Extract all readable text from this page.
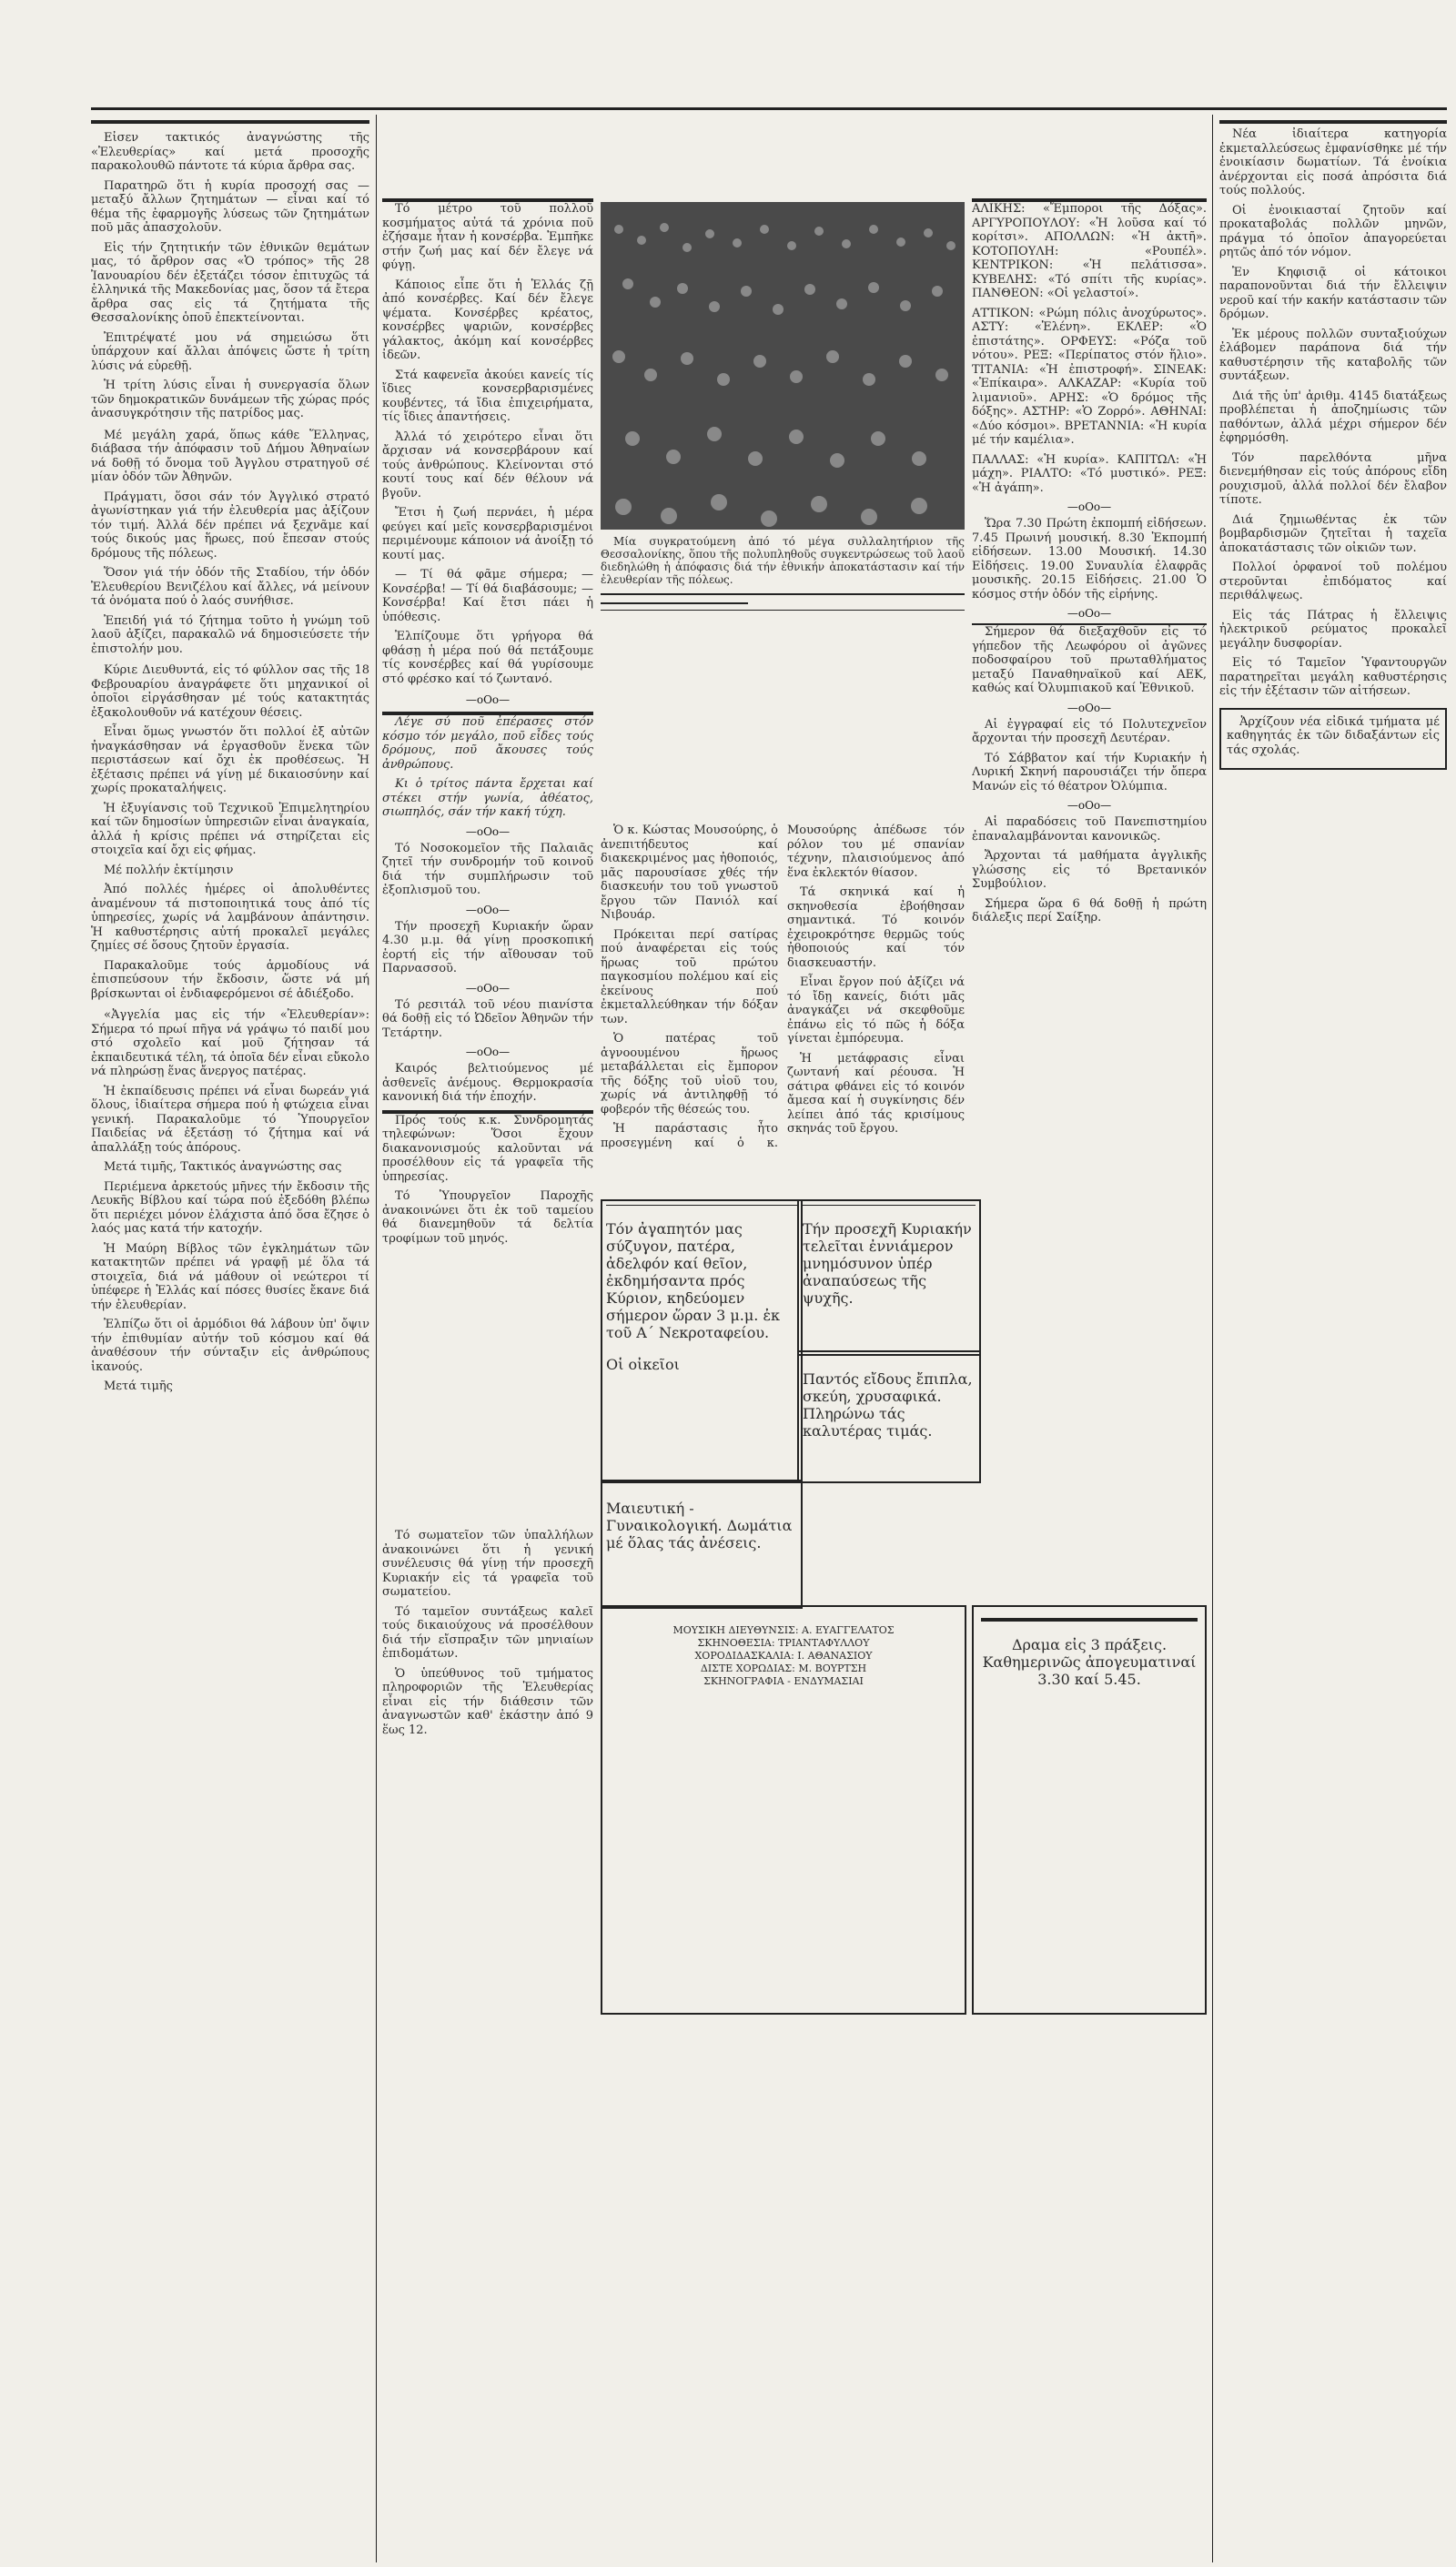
Εἰσεν τακτικός ἀναγνώστης τῆς «Ἐλευθερίας» καί μετά προσοχῆς παρακολουθῶ πάντοτε τά κύρια ἄρθρα σας.

Παρατηρῶ ὅτι ἡ κυρία προσοχή σας — μεταξύ ἄλλων ζητημάτων — εἶναι καί τό θέμα τῆς ἐφαρμογῆς λύσεως τῶν ζητημάτων ποῦ μᾶς ἀπασχολοῦν.

Εἰς τήν ζητητικήν τῶν ἐθνικῶν θεμάτων μας, τό ἄρθρον σας «Ὁ τρόπος» τῆς 28 Ἰανουαρίου δέν ἐξετάζει τόσον ἐπιτυχῶς τά ἑλληνικά τῆς Μακεδονίας μας, ὅσον τά ἔτερα ἄρθρα σας εἰς τά ζητήματα τῆς Θεσσαλονίκης ὁποῦ ἐπεκτείνονται.

Ἐπιτρέψατέ μου νά σημειώσω ὅτι ὑπάρχουν καί ἄλλαι ἀπόψεις ὥστε ἡ τρίτη λύσις νά εὑρεθῇ.

Ἡ τρίτη λύσις εἶναι ἡ συνεργασία ὅλων τῶν δημοκρατικῶν δυνάμεων τῆς χώρας πρός ἀνασυγκρότησιν τῆς πατρίδος μας.

Μέ μεγάλη χαρά, ὅπως κάθε Ἕλληνας, διάβασα τήν ἀπόφασιν τοῦ Δήμου Ἀθηναίων νά δοθῇ τό ὄνομα τοῦ Ἀγγλου στρατηγοῦ σέ μίαν ὁδόν τῶν Ἀθηνῶν.

Πράγματι, ὅσοι σάν τόν Ἀγγλικό στρατό ἀγωνίστηκαν γιά τήν ἐλευθερία μας ἀξίζουν τόν τιμή. Ἀλλά δέν πρέπει νά ξεχνᾶμε καί τούς δικούς μας ἥρωες, πού ἔπεσαν στούς δρόμους τῆς πόλεως.

Ὅσον γιά τήν ὁδόν τῆς Σταδίου, τήν ὁδόν Ἐλευθερίου Βενιζέλου καί ἄλλες, νά μείνουν τά ὀνόματα πού ὁ λαός συνήθισε.

Ἐπειδή γιά τό ζήτημα τοῦτο ἡ γνώμη τοῦ λαοῦ ἀξίζει, παρακαλῶ νά δημοσιεύσετε τήν ἐπιστολήν μου.

Κύριε Διευθυντά, εἰς τό φύλλον σας τῆς 18 Φεβρουαρίου ἀναγράφετε ὅτι μηχανικοί οἱ ὁποῖοι εἰργάσθησαν μέ τούς κατακτητάς ἐξακολουθοῦν νά κατέχουν θέσεις.

Εἶναι ὅμως γνωστόν ὅτι πολλοί ἐξ αὐτῶν ἠναγκάσθησαν νά ἐργασθοῦν ἕνεκα τῶν περιστάσεων καί ὄχι ἐκ προθέσεως. Ἡ ἐξέτασις πρέπει νά γίνῃ μέ δικαιοσύνην καί χωρίς προκαταλήψεις.

Ἡ ἐξυγίανσις τοῦ Τεχνικοῦ Ἐπιμελητηρίου καί τῶν δημοσίων ὑπηρεσιῶν εἶναι ἀναγκαία, ἀλλά ἡ κρίσις πρέπει νά στηρίζεται εἰς στοιχεῖα καί ὄχι εἰς φήμας.

Μέ πολλήν ἐκτίμησιν

Ἀπό πολλές ἡμέρες οἱ ἀπολυθέντες ἀναμένουν τά πιστοποιητικά τους ἀπό τίς ὑπηρεσίες, χωρίς νά λαμβάνουν ἀπάντησιν. Ἡ καθυστέρησις αὐτή προκαλεῖ μεγάλες ζημίες σέ ὅσους ζητοῦν ἐργασία.

Παρακαλοῦμε τούς ἁρμοδίους νά ἐπισπεύσουν τήν ἔκδοσιν, ὥστε νά μή βρίσκωνται οἱ ἐνδιαφερόμενοι σέ ἀδιέξοδο.

«Ἀγγελία μας εἰς τήν «Ἐλευθερίαν»: Σήμερα τό πρωί πῆγα νά γράψω τό παιδί μου στό σχολεῖο καί μοῦ ζήτησαν τά ἐκπαιδευτικά τέλη, τά ὁποῖα δέν εἶναι εὔκολο νά πληρώσῃ ἕνας ἄνεργος πατέρας.

Ἡ ἐκπαίδευσις πρέπει νά εἶναι δωρεάν γιά ὅλους, ἰδιαίτερα σήμερα πού ἡ φτώχεια εἶναι γενική. Παρακαλοῦμε τό Ὑπουργεῖον Παιδείας νά ἐξετάσῃ τό ζήτημα καί νά ἀπαλλάξῃ τούς ἀπόρους.

Μετά τιμῆς, Τακτικός ἀναγνώστης σας

Περιέμενα ἀρκετούς μῆνες τήν ἔκδοσιν τῆς Λευκῆς Βίβλου καί τώρα πού ἐξεδόθη βλέπω ὅτι περιέχει μόνον ἐλάχιστα ἀπό ὅσα ἔζησε ὁ λαός μας κατά τήν κατοχήν.

Ἡ Μαύρη Βίβλος τῶν ἐγκλημάτων τῶν κατακτητῶν πρέπει νά γραφῇ μέ ὅλα τά στοιχεῖα, διά νά μάθουν οἱ νεώτεροι τί ὑπέφερε ἡ Ἑλλάς καί πόσες θυσίες ἔκανε διά τήν ἐλευθερίαν.

Ἐλπίζω ὅτι οἱ ἁρμόδιοι θά λάβουν ὑπ' ὄψιν τήν ἐπιθυμίαν αὐτήν τοῦ κόσμου καί θά ἀναθέσουν τήν σύνταξιν εἰς ἀνθρώπους ἱκανούς.

Μετά τιμῆς

Τό μέτρο τοῦ πολλοῦ κοσμήματος αὐτά τά χρόνια ποῦ ἐζήσαμε ἦταν ἡ κονσέρβα. Ἐμπῆκε στήν ζωή μας καί δέν ἔλεγε νά φύγῃ.

Κάποιος εἶπε ὅτι ἡ Ἑλλάς ζῇ ἀπό κονσέρβες. Καί δέν ἔλεγε ψέματα. Κονσέρβες κρέατος, κονσέρβες ψαριῶν, κονσέρβες γάλακτος, ἀκόμη καί κονσέρβες ἰδεῶν.

Στά καφενεῖα ἀκούει κανείς τίς ἴδιες κονσερβαρισμένες κουβέντες, τά ἴδια ἐπιχειρήματα, τίς ἴδιες ἀπαντήσεις.

Ἀλλά τό χειρότερο εἶναι ὅτι ἄρχισαν νά κονσερβάρουν καί τούς ἀνθρώπους. Κλείνονται στό κουτί τους καί δέν θέλουν νά βγοῦν.

Ἔτσι ἡ ζωή περνάει, ἡ μέρα φεύγει καί μεῖς κονσερβαρισμένοι περιμένουμε κάποιον νά ἀνοίξῃ τό κουτί μας.

— Τί θά φᾶμε σήμερα; — Κονσέρβα! — Τί θά διαβάσουμε; — Κονσέρβα! Καί ἔτσι πάει ἡ ὑπόθεσις.

Ἐλπίζουμε ὅτι γρήγορα θά φθάσῃ ἡ μέρα πού θά πετάξουμε τίς κονσέρβες καί θά γυρίσουμε στό φρέσκο καί τό ζωντανό.

—οΟο—

Λέγε σύ ποῦ ἐπέρασες στόν κόσμο τόν μεγάλο, ποῦ εἶδες τούς δρόμους, ποῦ ἄκουσες τούς ἀνθρώπους.

Κι ὁ τρίτος πάντα ἔρχεται καί στέκει στήν γωνία, ἀθέατος, σιωπηλός, σάν τήν κακή τύχη.

—οΟο—

Τό Νοσοκομεῖον τῆς Παλαιᾶς ζητεῖ τήν συνδρομήν τοῦ κοινοῦ διά τήν συμπλήρωσιν τοῦ ἐξοπλισμοῦ του.

—οΟο—

Τήν προσεχῆ Κυριακήν ὥραν 4.30 μ.μ. θά γίνῃ προσκοπική ἑορτή εἰς τήν αἴθουσαν τοῦ Παρνασσοῦ.

—οΟο—

Τό ρεσιτάλ τοῦ νέου πιανίστα θά δοθῇ εἰς τό Ὠδεῖον Ἀθηνῶν τήν Τετάρτην.

—οΟο—

Καιρός βελτιούμενος μέ ἀσθενεῖς ἀνέμους. Θερμοκρασία κανονική διά τήν ἐποχήν.

Πρός τούς κ.κ. Συνδρομητάς τηλεφώνων: Ὅσοι ἔχουν διακανονισμούς καλοῦνται νά προσέλθουν εἰς τά γραφεῖα τῆς ὑπηρεσίας.

Τό Ὑπουργεῖον Παροχῆς ἀνακοινώνει ὅτι ἐκ τοῦ ταμείου θά διανεμηθοῦν τά δελτία τροφίμων τοῦ μηνός.

Μία συγκρατούμενη ἀπό τό μέγα συλλαλητήριον τῆς Θεσσαλονίκης, ὅπου τῆς πολυπληθοῦς συγκεντρώσεως τοῦ λαοῦ διεδηλώθη ἡ ἀπόφασις διά τήν ἐθνικήν ἀποκατάστασιν καί τήν ἐλευθερίαν τῆς πόλεως.

Ὁ κ. Κώστας Μουσούρης, ὁ ἀνεπιτήδευτος καί διακεκριμένος μας ἠθοποιός, μᾶς παρουσίασε χθές τήν διασκευήν του τοῦ γνωστοῦ ἔργου τῶν Πανιόλ καί Νιβουάρ.

Πρόκειται περί σατίρας πού ἀναφέρεται εἰς τούς ἥρωας τοῦ πρώτου παγκοσμίου πολέμου καί εἰς ἐκείνους πού ἐκμεταλλεύθηκαν τήν δόξαν των.

Ὁ πατέρας τοῦ ἀγνοουμένου ἥρωος μεταβάλλεται εἰς ἔμπορον τῆς δόξης τοῦ υἱοῦ του, χωρίς νά ἀντιληφθῇ τό φοβερόν τῆς θέσεώς του.

Ἡ παράστασις ἦτο προσεγμένη καί ὁ κ. Μουσούρης ἀπέδωσε τόν ρόλον του μέ σπανίαν τέχνην, πλαισιούμενος ἀπό ἕνα ἐκλεκτόν θίασον.

Τά σκηνικά καί ἡ σκηνοθεσία ἐβοήθησαν σημαντικά. Τό κοινόν ἐχειροκρότησε θερμῶς τούς ἠθοποιούς καί τόν διασκευαστήν.

Εἶναι ἔργον πού ἀξίζει νά τό ἴδῃ κανείς, διότι μᾶς ἀναγκάζει νά σκεφθοῦμε ἐπάνω εἰς τό πῶς ἡ δόξα γίνεται ἐμπόρευμα.

Ἡ μετάφρασις εἶναι ζωντανή καί ρέουσα. Ἡ σάτιρα φθάνει εἰς τό κοινόν ἄμεσα καί ἡ συγκίνησις δέν λείπει ἀπό τάς κρισίμους σκηνάς τοῦ ἔργου.

ΑΛΙΚΗΣ: «Ἔμποροι τῆς Δόξας». ΑΡΓΥΡΟΠΟΥΛΟΥ: «Ἡ λοῦσα καί τό κορίτσι». ΑΠΟΛΛΩΝ: «Ἡ ἀκτῆ». ΚΟΤΟΠΟΥΛΗ: «Ρουπέλ». ΚΕΝΤΡΙΚΟΝ: «Ἡ πελάτισσα». ΚΥΒΕΛΗΣ: «Τό σπίτι τῆς κυρίας». ΠΑΝΘΕΟΝ: «Οἱ γελαστοί».

ΑΤΤΙΚΟΝ: «Ρώμη πόλις ἀνοχύρωτος». ΑΣΤΥ: «Ἑλένη». ΕΚΛΕΡ: «Ὁ ἐπιστάτης». ΟΡΦΕΥΣ: «Ρόζα τοῦ νότου». ΡΕΞ: «Περίπατος στόν ἥλιο». ΤΙΤΑΝΙΑ: «Ἡ ἐπιστροφή». ΣΙΝΕΑΚ: «Ἐπίκαιρα». ΑΛΚΑΖΑΡ: «Κυρία τοῦ λιμανιοῦ». ΑΡΗΣ: «Ὁ δρόμος τῆς δόξης». ΑΣΤΗΡ: «Ὁ Ζορρό». ΑΘΗΝΑΙ: «Δύο κόσμοι». ΒΡΕΤΑΝΝΙΑ: «Ἡ κυρία μέ τήν καμέλια».

ΠΑΛΛΑΣ: «Ἡ κυρία». ΚΑΠΙΤΩΛ: «Ἡ μάχη». ΡΙΑΛΤΟ: «Τό μυστικό». ΡΕΞ: «Ἡ ἀγάπη».

—οΟο—

Ὥρα 7.30 Πρώτη ἐκπομπή εἰδήσεων. 7.45 Πρωινή μουσική. 8.30 Ἐκπομπή εἰδήσεων. 13.00 Μουσική. 14.30 Εἰδήσεις. 19.00 Συναυλία ἐλαφρᾶς μουσικῆς. 20.15 Εἰδήσεις. 21.00 Ὁ κόσμος στήν ὁδόν τῆς εἰρήνης.

—οΟο—

Σήμερον θά διεξαχθοῦν εἰς τό γήπεδον τῆς Λεωφόρου οἱ ἀγῶνες ποδοσφαίρου τοῦ πρωταθλήματος μεταξύ Παναθηναϊκοῦ καί ΑΕΚ, καθώς καί Ὀλυμπιακοῦ καί Ἐθνικοῦ.

—οΟο—

Αἱ ἐγγραφαί εἰς τό Πολυτεχνεῖον ἄρχονται τήν προσεχῆ Δευτέραν.

Τό Σάββατον καί τήν Κυριακήν ἡ Λυρική Σκηνή παρουσιάζει τήν ὄπερα Μανών εἰς τό θέατρον Ὀλύμπια.

—οΟο—

Αἱ παραδόσεις τοῦ Πανεπιστημίου ἐπαναλαμβάνονται κανονικῶς.

Ἄρχονται τά μαθήματα ἀγγλικῆς γλώσσης εἰς τό Βρετανικόν Συμβούλιον.

Σήμερα ὥρα 6 θά δοθῇ ἡ πρώτη διάλεξις περί Σαίξηρ.

Νέα ἰδιαίτερα κατηγορία ἐκμεταλλεύσεως ἐμφανίσθηκε μέ τήν ἐνοικίασιν δωματίων. Τά ἐνοίκια ἀνέρχονται εἰς ποσά ἀπρόσιτα διά τούς πολλούς.

Οἱ ἐνοικιασταί ζητοῦν καί προκαταβολάς πολλῶν μηνῶν, πράγμα τό ὁποῖον ἀπαγορεύεται ρητῶς ἀπό τόν νόμον.

Ἐν Κηφισιᾷ οἱ κάτοικοι παραπονοῦνται διά τήν ἔλλειψιν νεροῦ καί τήν κακήν κατάστασιν τῶν δρόμων.

Ἐκ μέρους πολλῶν συνταξιούχων ἐλάβομεν παράπονα διά τήν καθυστέρησιν τῆς καταβολῆς τῶν συντάξεων.

Διά τῆς ὑπ' ἀριθμ. 4145 διατάξεως προβλέπεται ἡ ἀποζημίωσις τῶν παθόντων, ἀλλά μέχρι σήμερον δέν ἐφηρμόσθη.

Τόν παρελθόντα μῆνα διενεμήθησαν εἰς τούς ἀπόρους εἴδη ρουχισμοῦ, ἀλλά πολλοί δέν ἔλαβον τίποτε.

Διά ζημιωθέντας ἐκ τῶν βομβαρδισμῶν ζητεῖται ἡ ταχεῖα ἀποκατάστασις τῶν οἰκιῶν των.

Πολλοί ὀρφανοί τοῦ πολέμου στεροῦνται ἐπιδόματος καί περιθάλψεως.

Εἰς τάς Πάτρας ἡ ἔλλειψις ἠλεκτρικοῦ ρεύματος προκαλεῖ μεγάλην δυσφορίαν.

Εἰς τό Ταμεῖον Ὑφαντουργῶν παρατηρεῖται μεγάλη καθυστέρησις εἰς τήν ἐξέτασιν τῶν αἰτήσεων.

Ἀρχίζουν νέα εἰδικά τμήματα μέ καθηγητάς ἐκ τῶν διδαξάντων εἰς τάς σχολάς.

Τόν ἀγαπητόν μας σύζυγον, πατέρα, ἀδελφόν καί θεῖον, ἐκδημήσαντα πρός Κύριον, κηδεύομεν σήμερον ὥραν 3 μ.μ. ἐκ τοῦ Α΄ Νεκροταφείου.

Οἱ οἰκεῖοι

Τήν προσεχῆ Κυριακήν τελεῖται ἐννιάμερον μνημόσυνον ὑπέρ ἀναπαύσεως τῆς ψυχῆς.

Παντός εἴδους ἔπιπλα, σκεύη, χρυσαφικά. Πληρώνω τάς καλυτέρας τιμάς.

Μαιευτική - Γυναικολογική. Δωμάτια μέ ὅλας τάς ἀνέσεις.

ΜΟΥΣΙΚΗ ΔΙΕΥΘΥΝΣΙΣ: Α. ΕΥΑΓΓΕΛΑΤΟΣ
ΣΚΗΝΟΘΕΣΙΑ: ΤΡΙΑΝΤΑΦΥΛΛΟΥ
ΧΟΡΟΔΙΔΑΣΚΑΛΙΑ: Ι. ΑΘΑΝΑΣΙΟΥ
ΔΙΣΤΕ ΧΟΡΩΔΙΑΣ: Μ. ΒΟΥΡΤΣΗ
ΣΚΗΝΟΓΡΑΦΙΑ - ΕΝΔΥΜΑΣΙΑΙ

Δραμα εἰς 3 πράξεις. Καθημερινῶς ἀπογευματιναί 3.30 καί 5.45.

Τό σωματεῖον τῶν ὑπαλλήλων ἀνακοινώνει ὅτι ἡ γενική συνέλευσις θά γίνῃ τήν προσεχῆ Κυριακήν εἰς τά γραφεῖα τοῦ σωματείου.

Τό ταμεῖον συντάξεως καλεῖ τούς δικαιούχους νά προσέλθουν διά τήν εἴσπραξιν τῶν μηνιαίων ἐπιδομάτων.

Ὁ ὑπεύθυνος τοῦ τμήματος πληροφοριῶν τῆς Ἐλευθερίας εἶναι εἰς τήν διάθεσιν τῶν ἀναγνωστῶν καθ' ἑκάστην ἀπό 9 ἕως 12.
